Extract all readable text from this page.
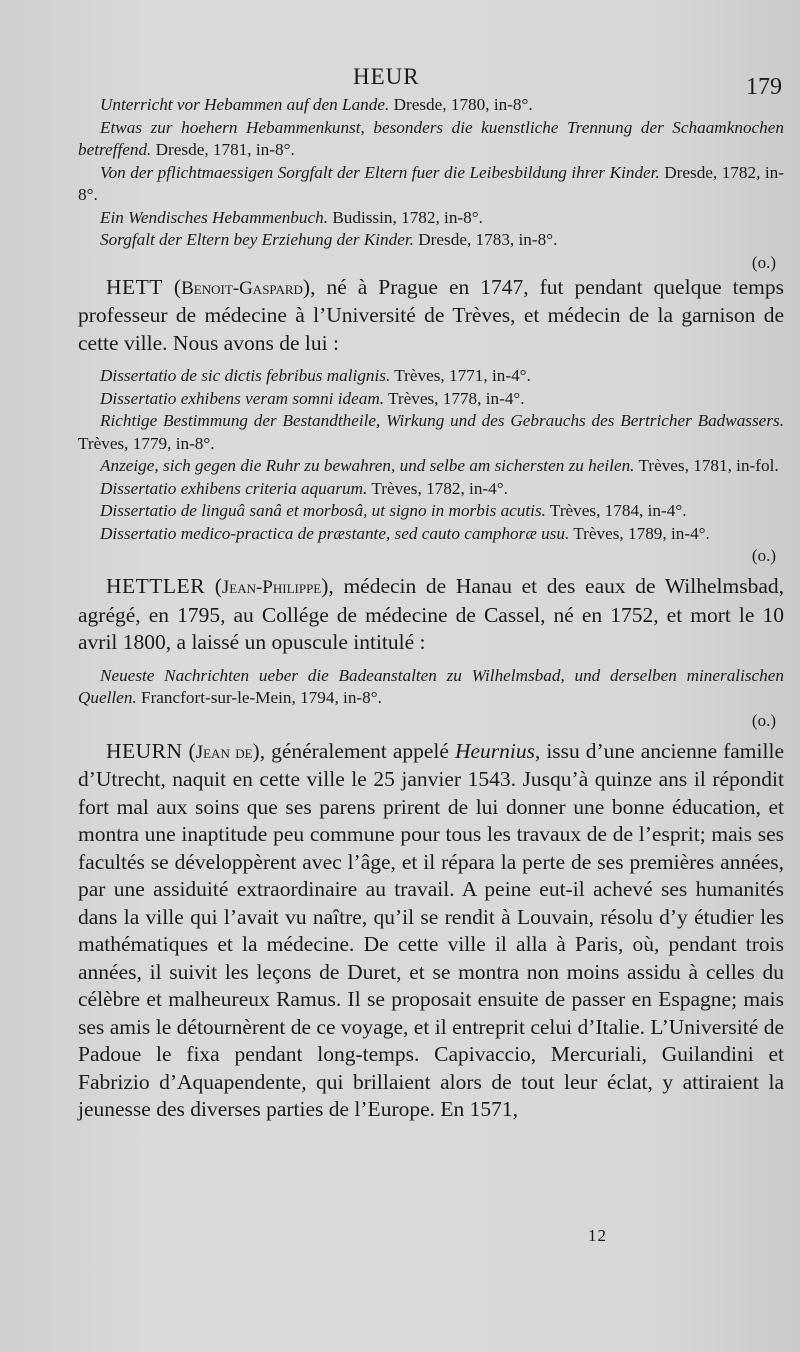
HEUR	179

Unterricht vor Hebammen auf den Lande. Dresde, 1780, in-8°.

Etwas zur hoehern Hebammenkunst, besonders die kuenstliche Trennung der Schaamknochen betreffend. Dresde, 1781, in-8°.

Von der pflichtmaessigen Sorgfalt der Eltern fuer die Leibesbildung ihrer Kinder. Dresde, 1782, in-8°.

Ein Wendisches Hebammenbuch. Budissin, 1782, in-8°.

Sorgfalt der Eltern bey Erziehung der Kinder. Dresde, 1783, in-8°.

(o.)

HETT (Benoit-Gaspard), né à Prague en 1747, fut pendant quelque temps professeur de médecine à l’Université de Trèves, et médecin de la garnison de cette ville. Nous avons de lui :

Dissertatio de sic dictis febribus malignis. Trèves, 1771, in-4°.

Dissertatio exhibens veram somni ideam. Trèves, 1778, in-4°.

Richtige Bestimmung der Bestandtheile, Wirkung und des Gebrauchs des Bertricher Badwassers. Trèves, 1779, in-8°.

Anzeige, sich gegen die Ruhr zu bewahren, und selbe am sichersten zu heilen. Trèves, 1781, in-fol.

Dissertatio exhibens criteria aquarum. Trèves, 1782, in-4°.

Dissertatio de linguâ sanâ et morbosâ, ut signo in morbis acutis. Trèves, 1784, in-4°.

Dissertatio medico-practica de præstante, sed cauto camphoræ usu. Trèves, 1789, in-4°.

(o.)

HETTLER (Jean-Philippe), médecin de Hanau et des eaux de Wilhelmsbad, agrégé, en 1795, au Collége de médecine de Cassel, né en 1752, et mort le 10 avril 1800, a laissé un opuscule intitulé :

Neueste Nachrichten ueber die Badeanstalten zu Wilhelmsbad, und derselben mineralischen Quellen. Francfort-sur-le-Mein, 1794, in-8°.

(o.)

HEURN (Jean de), généralement appelé Heurnius, issu d’une ancienne famille d’Utrecht, naquit en cette ville le 25 janvier 1543. Jusqu’à quinze ans il répondit fort mal aux soins que ses parens prirent de lui donner une bonne éducation, et montra une inaptitude peu commune pour tous les travaux de de l’esprit; mais ses facultés se développèrent avec l’âge, et il répara la perte de ses premières années, par une assiduité extraordinaire au travail. A peine eut-il achevé ses humanités dans la ville qui l’avait vu naître, qu’il se rendit à Louvain, résolu d’y étudier les mathématiques et la médecine. De cette ville il alla à Paris, où, pendant trois années, il suivit les leçons de Duret, et se montra non moins assidu à celles du célèbre et malheureux Ramus. Il se proposait ensuite de passer en Espagne; mais ses amis le détournèrent de ce voyage, et il entreprit celui d’Italie. L’Université de Padoue le fixa pendant long-temps. Capivaccio, Mercuriali, Guilandini et Fabrizio d’Aquapendente, qui brillaient alors de tout leur éclat, y attiraient la jeunesse des diverses parties de l’Europe. En 1571,

12
